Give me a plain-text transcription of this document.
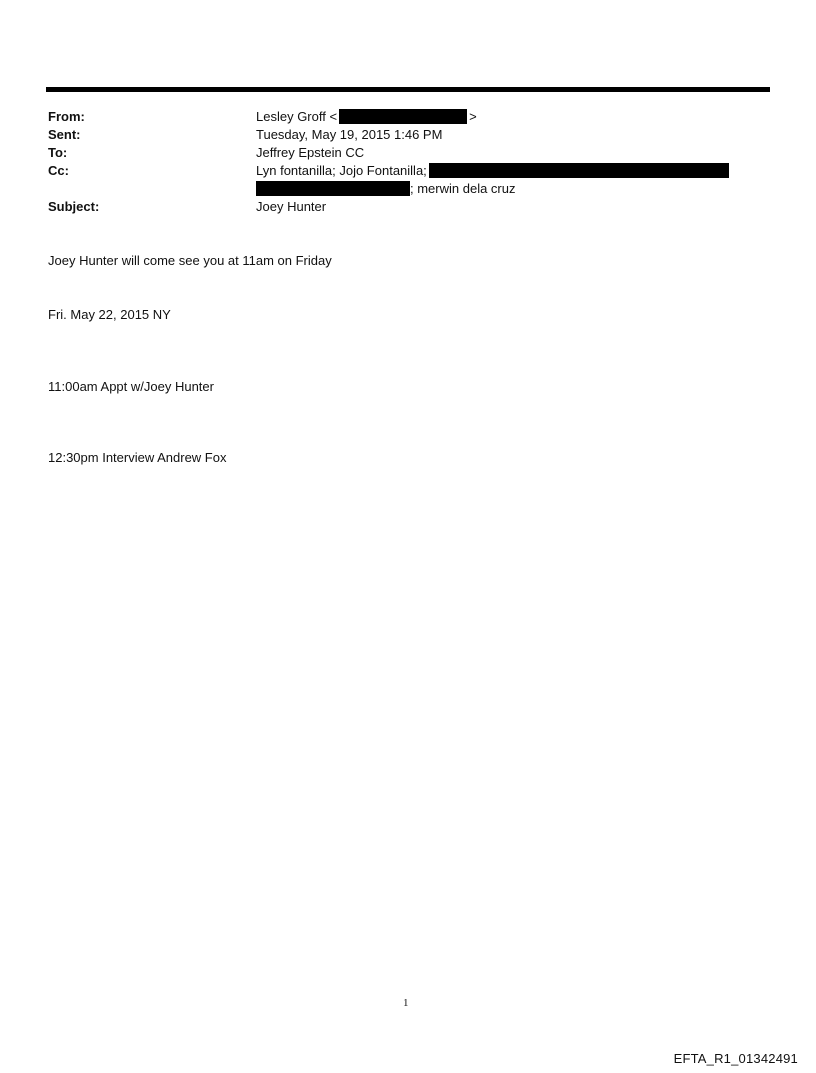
From:	Lesley Groff <	>
Sent:	Tuesday, May 19, 2015 1:46 PM
To:	Jeffrey Epstein CC
Cc:	Lyn fontanilla; Jojo Fontanilla;
; merwin dela cruz
Subject:	Joey Hunter
Joey Hunter will come see you at 11am on Friday
Fri. May 22, 2015 NY
11:00am Appt w/Joey Hunter
12:30pm Interview Andrew Fox
1
EFTA_R1_01342491
